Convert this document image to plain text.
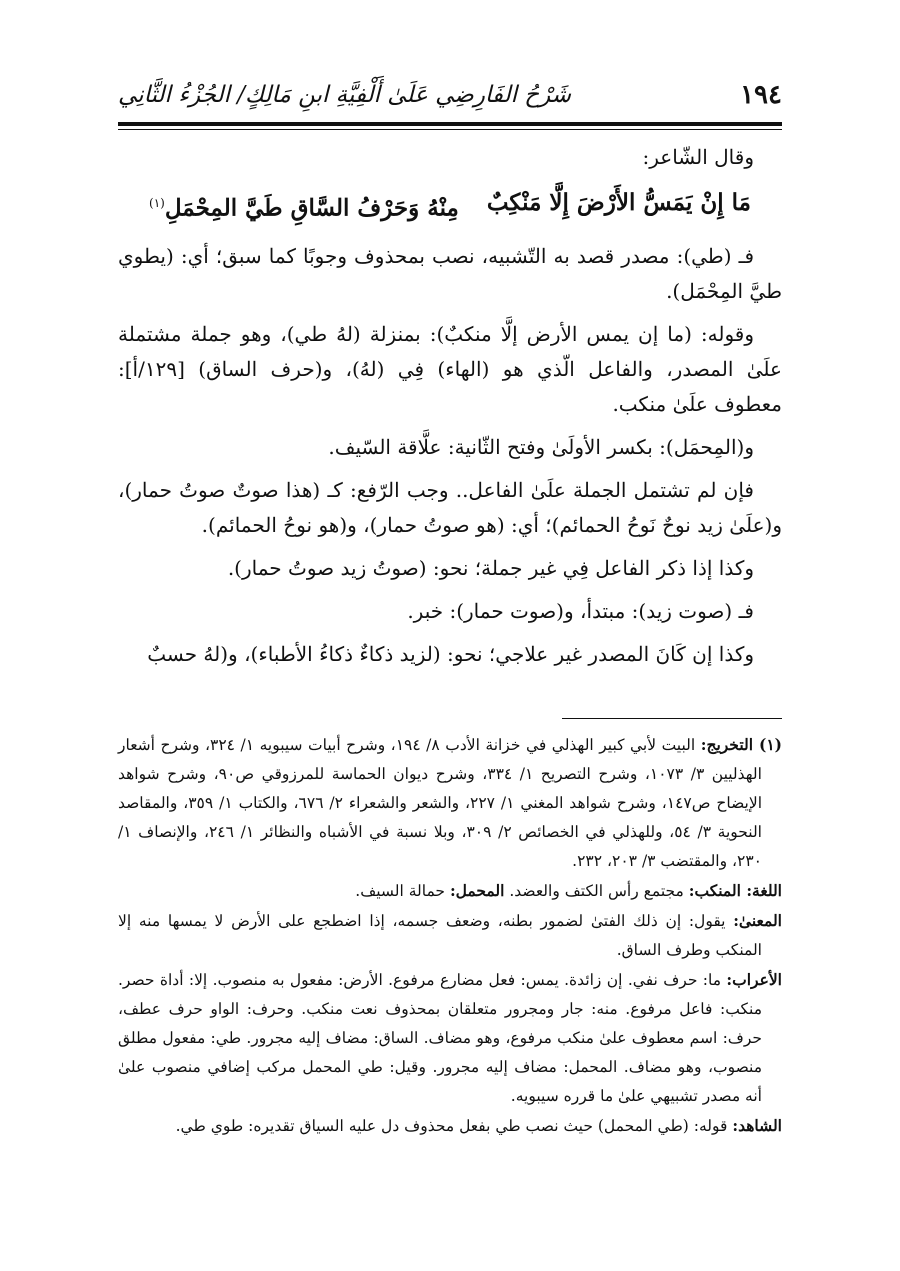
١٩٤
شَرْحُ الفَارِضِي عَلَىٰ أَلْفِيَّةِ ابنِ مَالِكٍ/ الجُزْءُ الثَّانِي

وقال الشّاعر:

مَا إِنْ يَمَسُّ الأَرْضَ إِلَّا مَنْكِبٌ
مِنْهُ وَحَرْفُ السَّاقِ طَيَّ المِحْمَلِ$^{(١)}$

فـ (طي): مصدر قصد به التّشبيه، نصب بمحذوف وجوبًا كما سبق؛ أي: (يطوي طيَّ المِحْمَل).

وقوله: (ما إن يمس الأرض إلَّا منكبٌ): بمنزلة (لهُ طي)، وهو جملة مشتملة علَىٰ المصدر، والفاعل الّذي هو (الهاء) فِي (لهُ)، و(حرف الساق) [١٢٩/أ]: معطوف علَىٰ منكب.

و(المِحمَل): بكسر الأولَىٰ وفتح الثّانية: علَّاقة السّيف.

فإن لم تشتمل الجملة علَىٰ الفاعل.. وجب الرّفع: كـ (هذا صوتٌ صوتُ حمار)، و(علَىٰ زيد نوحٌ نَوحُ الحمائم)؛ أي: (هو صوتُ حمار)، و(هو نوحُ الحمائم).

وكذا إذا ذكر الفاعل فِي غير جملة؛ نحو: (صوتُ زيد صوتُ حمار).

فـ (صوت زيد): مبتدأ، و(صوت حمار): خبر.

وكذا إن كَانَ المصدر غير علاجي؛ نحو: (لزيد ذكاءٌ ذكاءُ الأطباء)، و(لهُ حسبٌ

(١) التخريج: البيت لأبي كبير الهذلي في خزانة الأدب ٨/ ١٩٤، وشرح أبيات سيبويه ١/ ٣٢٤، وشرح أشعار الهذليين ٣/ ١٠٧٣، وشرح التصريح ١/ ٣٣٤، وشرح ديوان الحماسة للمرزوقي ص٩٠، وشرح شواهد الإيضاح ص١٤٧، وشرح شواهد المغني ١/ ٢٢٧، والشعر والشعراء ٢/ ٦٧٦، والكتاب ١/ ٣٥٩، والمقاصد النحوية ٣/ ٥٤، وللهذلي في الخصائص ٢/ ٣٠٩، وبلا نسبة في الأشباه والنظائر ١/ ٢٤٦، والإنصاف ١/ ٢٣٠، والمقتضب ٣/ ٢٠٣، ٢٣٢.

اللغة: المنكب: مجتمع رأس الكتف والعضد. المحمل: حمالة السيف.

المعنىٰ: يقول: إن ذلك الفتىٰ لضمور بطنه، وضعف جسمه، إذا اضطجع على الأرض لا يمسها منه إلا المنكب وطرف الساق.

الأعراب: ما: حرف نفي. إن زائدة. يمس: فعل مضارع مرفوع. الأرض: مفعول به منصوب. إلا: أداة حصر. منكب: فاعل مرفوع. منه: جار ومجرور متعلقان بمحذوف نعت منكب. وحرف: الواو حرف عطف، حرف: اسم معطوف علىٰ منكب مرفوع، وهو مضاف. الساق: مضاف إليه مجرور. طي: مفعول مطلق منصوب، وهو مضاف. المحمل: مضاف إليه مجرور. وقيل: طي المحمل مركب إضافي منصوب علىٰ أنه مصدر تشبيهي علىٰ ما قرره سيبويه.

الشاهد: قوله: (طي المحمل) حيث نصب طي بفعل محذوف دل عليه السياق تقديره: طوي طي.
